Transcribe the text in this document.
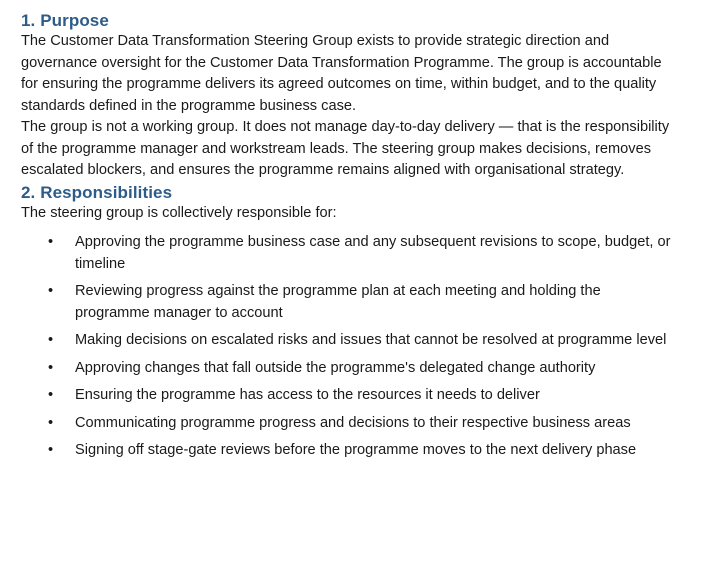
1. Purpose

The Customer Data Transformation Steering Group exists to provide strategic direction and governance oversight for the Customer Data Transformation Programme. The group is accountable for ensuring the programme delivers its agreed outcomes on time, within budget, and to the quality standards defined in the programme business case.

The group is not a working group. It does not manage day-to-day delivery — that is the responsibility of the programme manager and workstream leads. The steering group makes decisions, removes escalated blockers, and ensures the programme remains aligned with organisational strategy.

2. Responsibilities

The steering group is collectively responsible for:

• Approving the programme business case and any subsequent revisions to scope, budget, or timeline
• Reviewing progress against the programme plan at each meeting and holding the programme manager to account
• Making decisions on escalated risks and issues that cannot be resolved at programme level
• Approving changes that fall outside the programme's delegated change authority
• Ensuring the programme has access to the resources it needs to deliver
• Communicating programme progress and decisions to their respective business areas
• Signing off stage-gate reviews before the programme moves to the next delivery phase
